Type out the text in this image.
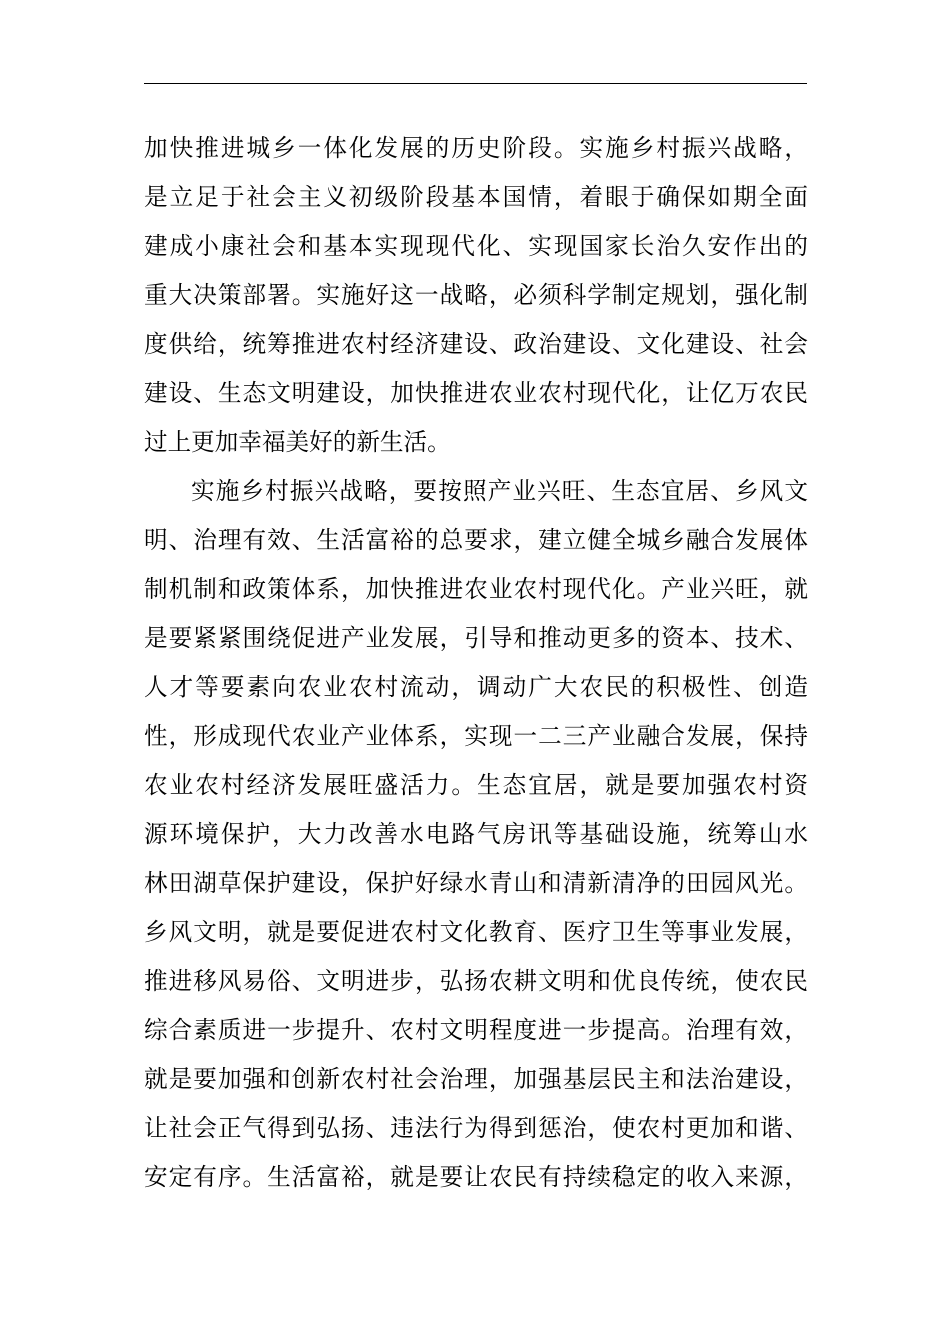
加快推进城乡一体化发展的历史阶段。实施乡村振兴战略，
是立足于社会主义初级阶段基本国情，着眼于确保如期全面
建成小康社会和基本实现现代化、实现国家长治久安作出的
重大决策部署。实施好这一战略，必须科学制定规划，强化制
度供给，统筹推进农村经济建设、政治建设、文化建设、社会
建设、生态文明建设，加快推进农业农村现代化，让亿万农民
过上更加幸福美好的新生活。
实施乡村振兴战略，要按照产业兴旺、生态宜居、乡风文
明、治理有效、生活富裕的总要求，建立健全城乡融合发展体
制机制和政策体系，加快推进农业农村现代化。产业兴旺，就
是要紧紧围绕促进产业发展，引导和推动更多的资本、技术、
人才等要素向农业农村流动，调动广大农民的积极性、创造
性，形成现代农业产业体系，实现一二三产业融合发展，保持
农业农村经济发展旺盛活力。生态宜居，就是要加强农村资
源环境保护，大力改善水电路气房讯等基础设施，统筹山水
林田湖草保护建设，保护好绿水青山和清新清净的田园风光。
乡风文明，就是要促进农村文化教育、医疗卫生等事业发展，
推进移风易俗、文明进步，弘扬农耕文明和优良传统，使农民
综合素质进一步提升、农村文明程度进一步提高。治理有效，
就是要加强和创新农村社会治理，加强基层民主和法治建设，
让社会正气得到弘扬、违法行为得到惩治，使农村更加和谐、
安定有序。生活富裕，就是要让农民有持续稳定的收入来源，
